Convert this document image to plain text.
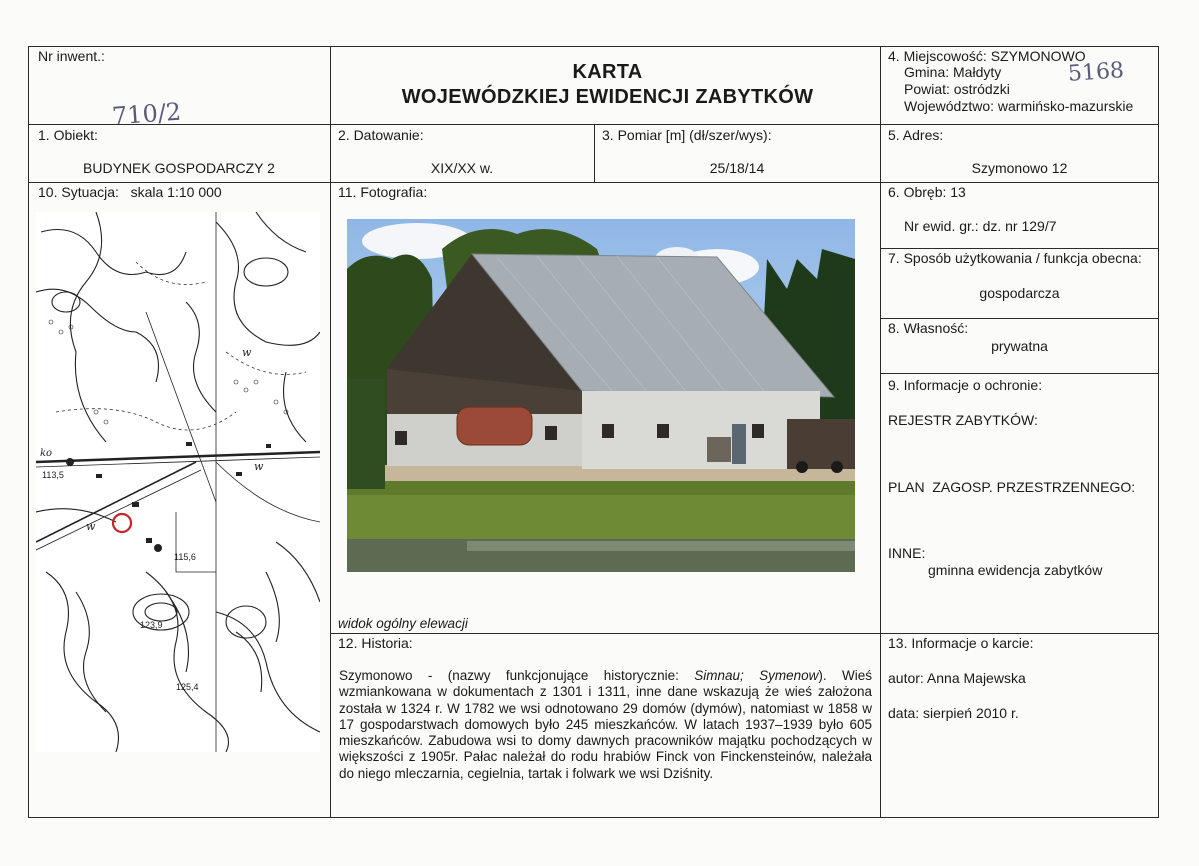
Nr inwent.:
710/2
KARTA
WOJEWÓDZKIEJ EWIDENCJI ZABYTKÓW
4. Miejscowość: SZYMONOWO
Gmina: Małdyty
Powiat: ostródzki
Województwo: warmińsko-mazurskie
5168
1. Obiekt:
BUDYNEK GOSPODARCZY 2
2. Datowanie:
XIX/XX w.
3. Pomiar [m] (dł/szer/wys):
25/18/14
5. Adres:
Szymonowo 12
10. Sytuacja:   skala 1:10 000	11. Fotografia:
113,5
115,6
123,9
125,4
w
w
w
ko
widok ogólny elewacji
6. Obręb: 13
Nr ewid. gr.: dz. nr 129/7
7. Sposób użytkowania / funkcja obecna:
gospodarcza
8. Własność:
prywatna
9. Informacje o ochronie:
REJESTR ZABYTKÓW:
PLAN  ZAGOSP. PRZESTRZENNEGO:
INNE:
gminna ewidencja zabytków
12. Historia:

Szymonowo - (nazwy funkcjonujące historycznie: Simnau; Symenow). Wieś wzmiankowana w dokumentach z 1301 i 1311, inne dane wskazują że wieś założona została w 1324 r. W 1782 we wsi odnotowano 29 domów (dymów), natomiast w 1858 w 17 gospodarstwach domowych było 245 mieszkańców. W latach 1937–1939 było 605 mieszkańców. Zabudowa wsi to domy dawnych pracowników majątku pochodzących w większości z 1905r. Pałac należał do rodu hrabiów Finck von Finckensteinów, należała do niego mleczarnia, cegielnia, tartak i folwark we wsi Dziśnity.

13. Informacje o karcie:
autor: Anna Majewska
data: sierpień 2010 r.
